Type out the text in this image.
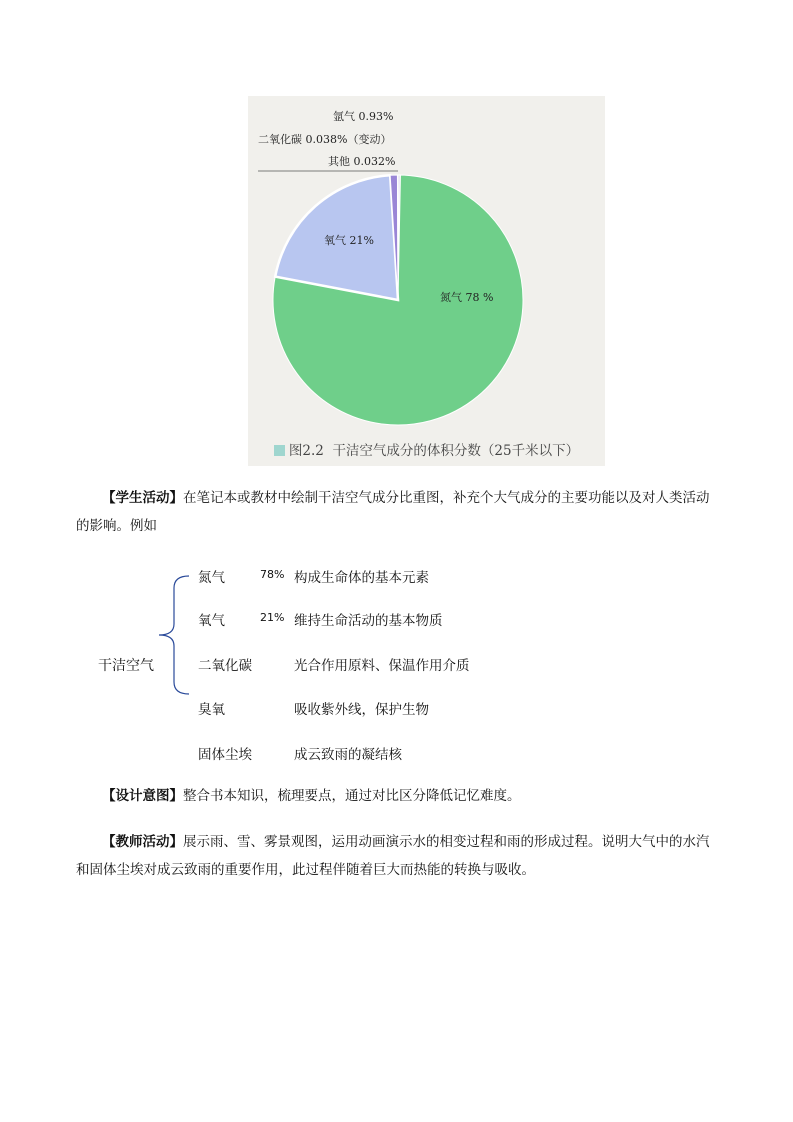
氩气 0.93%
二氧化碳 0.038%（变动）
其他 0.032%
氧气 21%
氮气 78 %
图2.2 干洁空气成分的体积分数（25千米以下）

【学生活动】在笔记本或教材中绘制干洁空气成分比重图，补充个大气成分的主要功能以及对人类活动的影响。例如

干洁空气
氮气	78% 构成生命体的基本元素
氧气	21% 维持生命活动的基本物质
二氧化碳	光合作用原料、保温作用介质
臭氧	吸收紫外线，保护生物
固体尘埃	成云致雨的凝结核

【设计意图】整合书本知识，梳理要点，通过对比区分降低记忆难度。

【教师活动】展示雨、雪、雾景观图，运用动画演示水的相变过程和雨的形成过程。说明大气中的水汽和固体尘埃对成云致雨的重要作用，此过程伴随着巨大而热能的转换与吸收。
